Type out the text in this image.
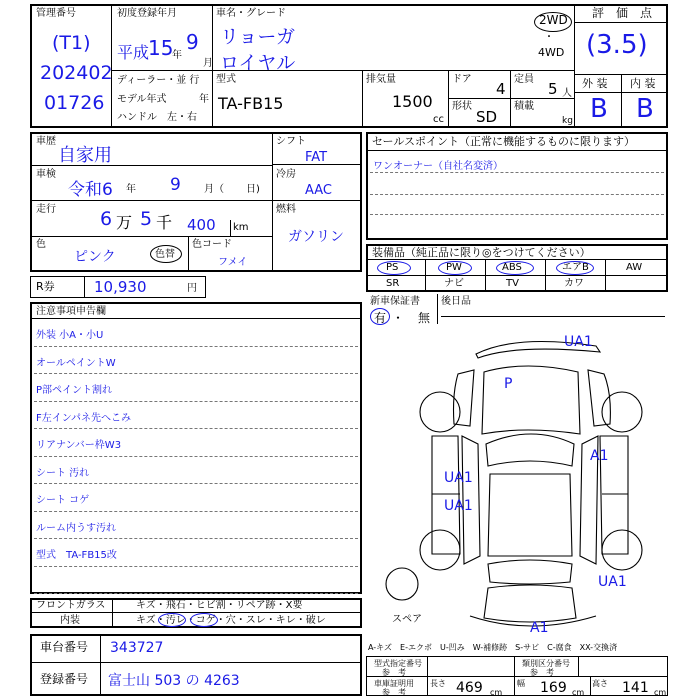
管理番号
(T1)
202402
01726
初度登録年月
平成
15
年
9
月
ディーラー・並 行
モデル年式	年
ハンドル　左・右
車名・グレード
リョーガ
ロイヤル
2WD
・
4WD
型式
TA-FB15
排気量
1500
cc
ドア
4
定員
5 人
形状
SD
積載
kg
評　価　点
(3.5)
外 装 内 装
B B
車歴
自家用
車検
令和6 年 9 月（ 日)
走行 6 万 5 千 400 km
色
ピンク	色替
色コード
フメイ
シフト
FAT
冷房
AAC
燃料
ガソリン
R券	10,930	円
セールスポイント（正常に機能するものに限ります）
ワンオーナー（自社名変済）
装備品（純正品に限り◎をつけてください）
PS	PW	ABS	エアB	AW
SR	ナビ	TV	カワ
新車保証書
有 ・ 無
後日品
注意事項申告欄
外装 小A・小U
オールペイントW
P部ペイント割れ
F左インパネ先へこみ
リアナンバー枠W3
シート 汚れ
シート コゲ
ルーム内うす汚れ
型式　TA-FB15改
UA1
P
A1
UA1
UA1
UA1
A1
スペア
フロントガラス	キズ・飛石・ヒビ割・リペア跡・X要
内装	キズ・汚レ・コゲ・穴・スレ・キレ・破レ
車台番号 343727
登録番号 富士山 503 の 4263
A-キズ　E-エクボ　U-凹み　W-補修跡　S-サビ　C-腐食　XX-交換済
型式指定番号
参　考
類別区分番号
参　考
車庫証明用
参　考
長さ 469 cm
幅 169 cm
高さ 141 cm
